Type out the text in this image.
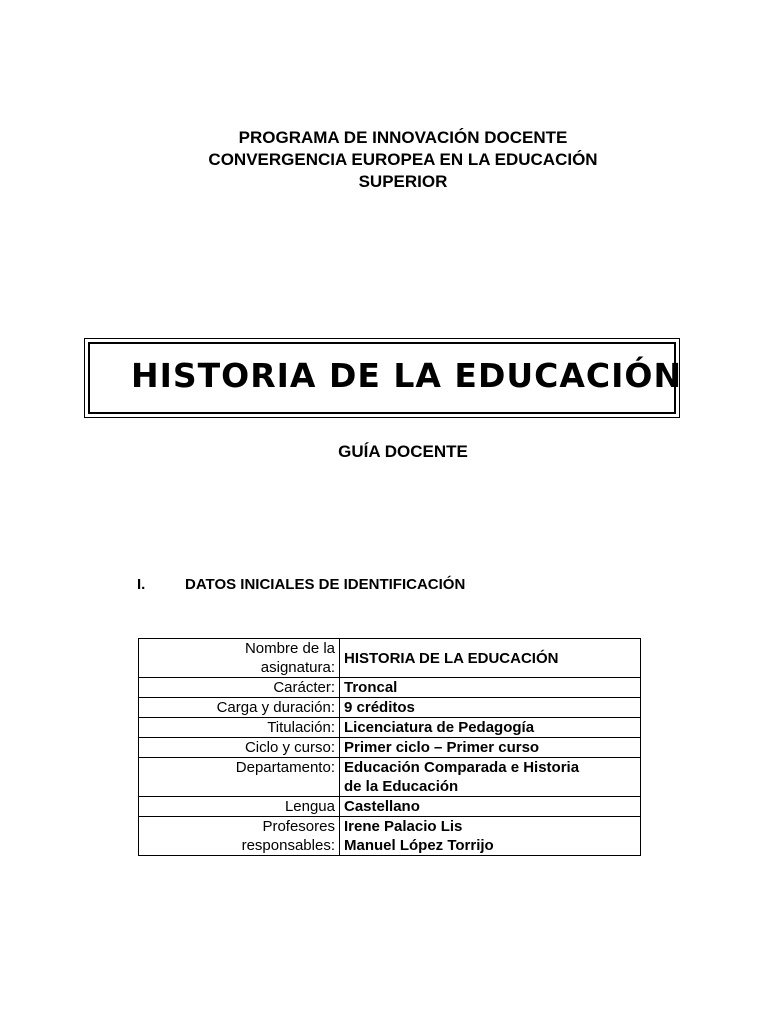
PROGRAMA DE INNOVACIÓN DOCENTE
CONVERGENCIA EUROPEA EN LA EDUCACIÓN
SUPERIOR
HISTORIA DE LA EDUCACIÓN
GUÍA DOCENTE
I.	DATOS INICIALES DE IDENTIFICACIÓN
Nombre de la
asignatura:	HISTORIA DE LA EDUCACIÓN
Carácter:	Troncal
Carga y duración:	9 créditos
Titulación:	Licenciatura de Pedagogía
Ciclo y curso:	Primer ciclo – Primer curso
Departamento:	Educación Comparada e Historia
de la Educación

Lengua	Castellano

Profesores
responsables:	Irene Palacio Lis
Manuel López Torrijo
